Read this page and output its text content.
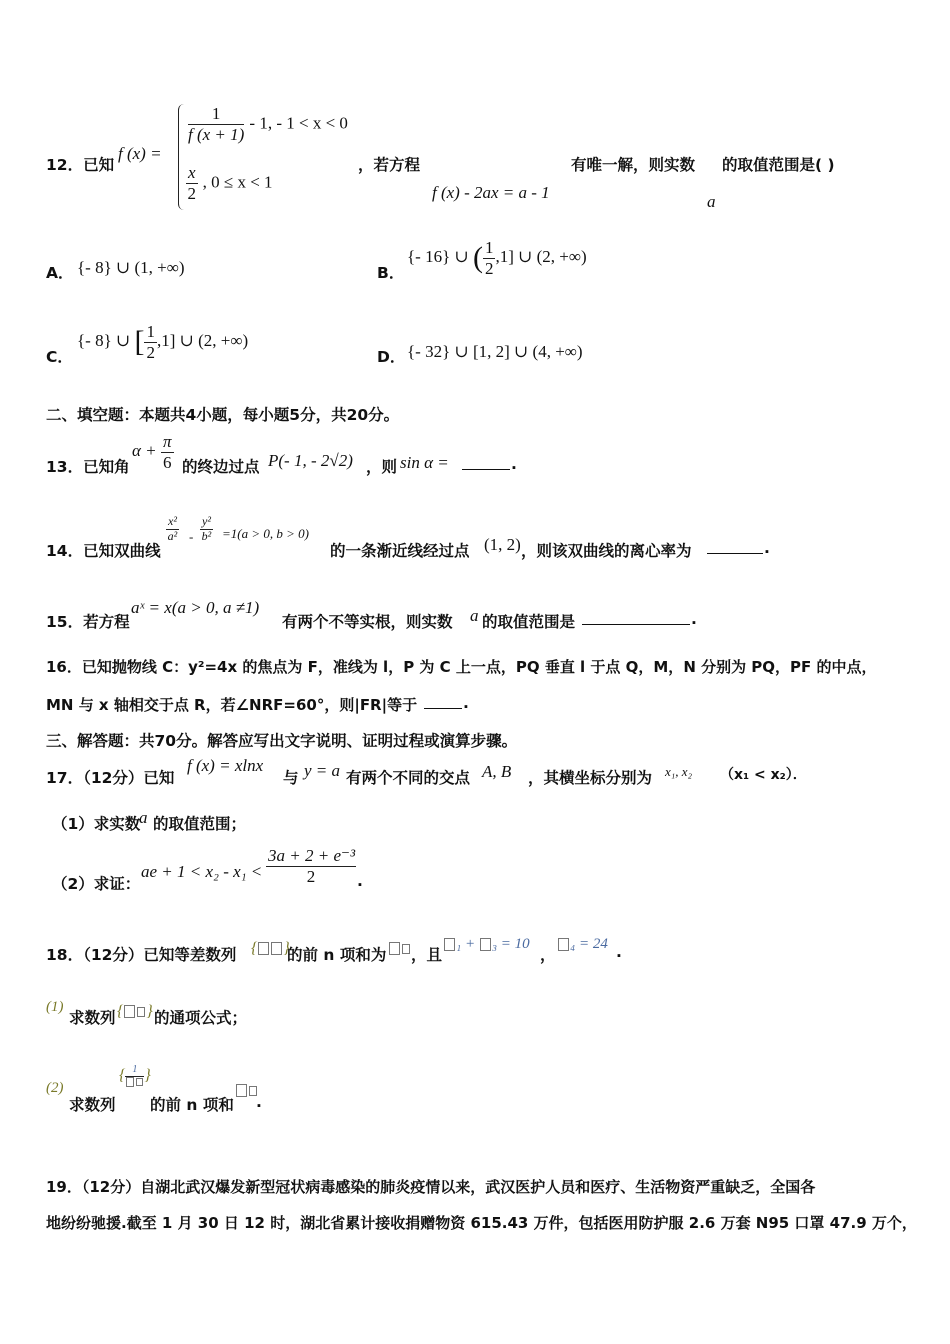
12．已知
f (x) =
$\frac{1}{f (x + 1)} - 1$, - 1 < x < 0
$\frac{x}{2}$ , 0 ≤ x < 1
，若方程
f (x) - 2ax = a - 1
有唯一解，则实数
a
的取值范围是( )
A． {- 8} ∪ (1, +∞)	B．
{- 16} ∪ ( $\frac{1}{2} ,1$] ∪ (2, +∞)
C．
{- 8} ∪ [ $\frac{1}{2} ,1$] ∪ (2, +∞)
D． {- 32} ∪ [1, 2] ∪ (4, +∞)
二、填空题：本题共4小题，每小题5分，共20分。
13．已知角
$\alpha + \frac{\pi}{6}$ 的终边过点 P(- 1, - 2√2) ，则 sin α =	.
14．已知双曲线
$\frac{\text{x²}}{\text{a²}} - \frac{\text{y²}}{\text{b²}} =1(a > 0$, b > 0)
的一条渐近线经过点 (1, 2) ，则该双曲线的离心率为	.
15．若方程
aˣ = x(a > 0, a ≠1)
有两个不等实根，则实数 a 的取值范围是	.
16．已知抛物线 C：y²=4x 的焦点为 F，准线为 l，P 为 C 上一点，PQ 垂直 l 于点 Q，M，N 分别为 PQ，PF 的中点，
MN 与 x 轴相交于点 R，若∠NRF=60°，则|FR|等于	.
三、解答题：共70分。解答应写出文字说明、证明过程或演算步骤。
17．（12分）已知
f (x) = xlnx
与 y = a 有两个不同的交点 A, B ，其横坐标分别为 x₁, x₂ （x₁ < x₂）．
（1）求实数
a 的取值范围；
（2）求证：
ae + $1 < x_2 - x_1 < \frac{\text{3a + 2 + e⁻³}}{2}$ .
18．（12分）已知等差数列 { }
的前 n 项和为 ，且
₁ + ₃ = 10
，
₄ = 24 .
(1)
求数列 { } 的通项公式；
(2)
求数列
{ 1 }
的前 n 项和 .
19．（12分）自湖北武汉爆发新型冠状病毒感染的肺炎疫情以来，武汉医护人员和医疗、生活物资严重缺乏，全国各
地纷纷驰援.截至 1 月 30 日 12 时，湖北省累计接收捐赠物资 615.43 万件，包括医用防护服 2.6 万套 N95 口罩 47.9 万个，
